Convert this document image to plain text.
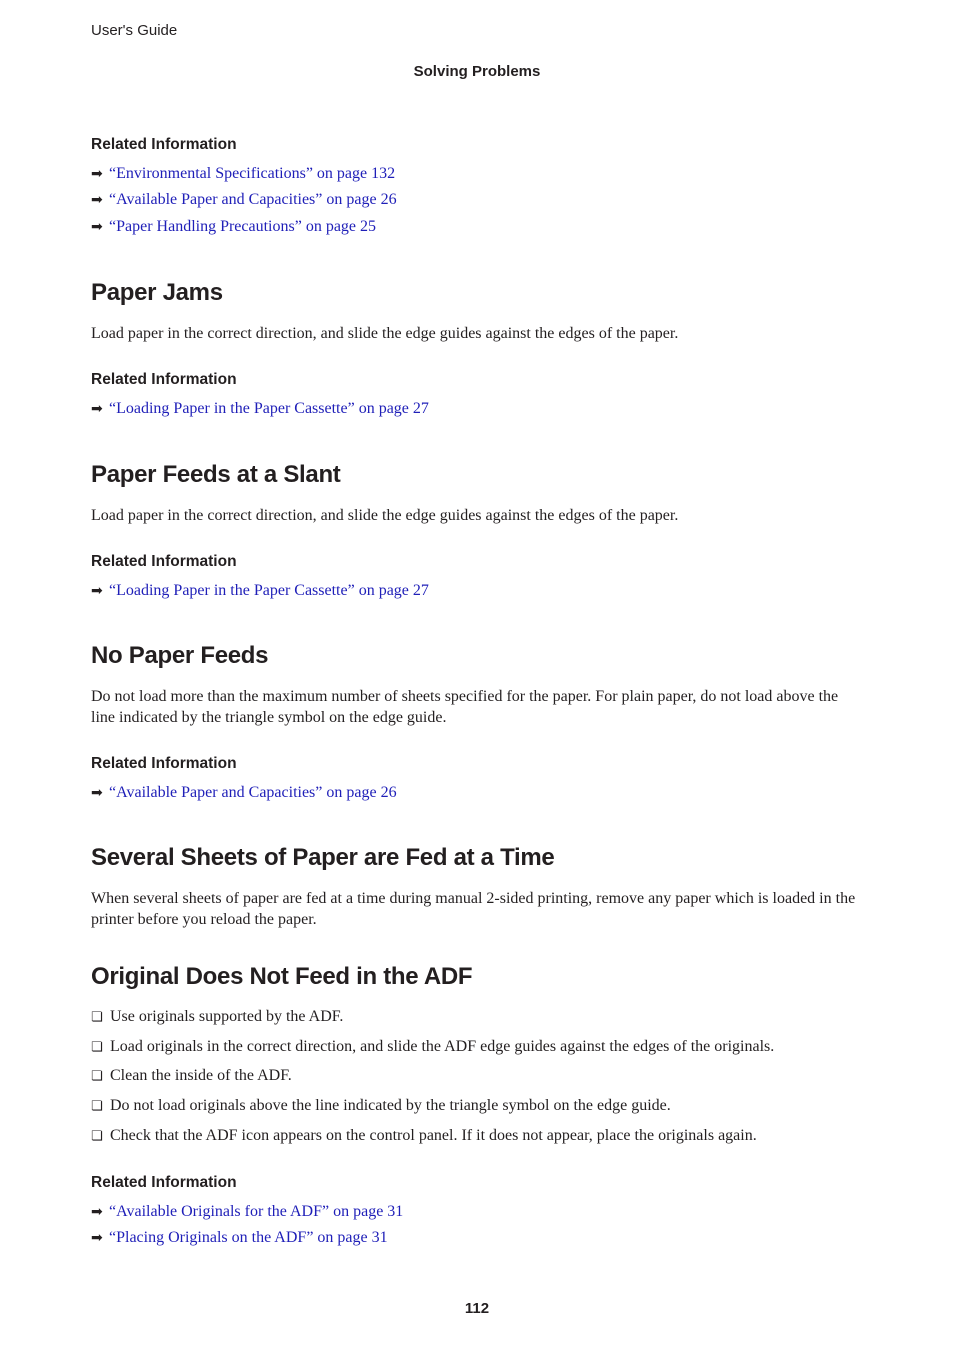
User's Guide
Solving Problems
Related Information
➡ “Environmental Specifications” on page 132
➡ “Available Paper and Capacities” on page 26
➡ “Paper Handling Precautions” on page 25
Paper Jams
Load paper in the correct direction, and slide the edge guides against the edges of the paper.
Related Information
➡ “Loading Paper in the Paper Cassette” on page 27
Paper Feeds at a Slant
Load paper in the correct direction, and slide the edge guides against the edges of the paper.
Related Information
➡ “Loading Paper in the Paper Cassette” on page 27
No Paper Feeds
Do not load more than the maximum number of sheets specified for the paper. For plain paper, do not load above the line indicated by the triangle symbol on the edge guide.
Related Information
➡ “Available Paper and Capacities” on page 26
Several Sheets of Paper are Fed at a Time
When several sheets of paper are fed at a time during manual 2-sided printing, remove any paper which is loaded in the printer before you reload the paper.
Original Does Not Feed in the ADF
❏ Use originals supported by the ADF.
❏ Load originals in the correct direction, and slide the ADF edge guides against the edges of the originals.
❏ Clean the inside of the ADF.
❏ Do not load originals above the line indicated by the triangle symbol on the edge guide.
❏ Check that the ADF icon appears on the control panel. If it does not appear, place the originals again.
Related Information
➡ “Available Originals for the ADF” on page 31
➡ “Placing Originals on the ADF” on page 31
112
